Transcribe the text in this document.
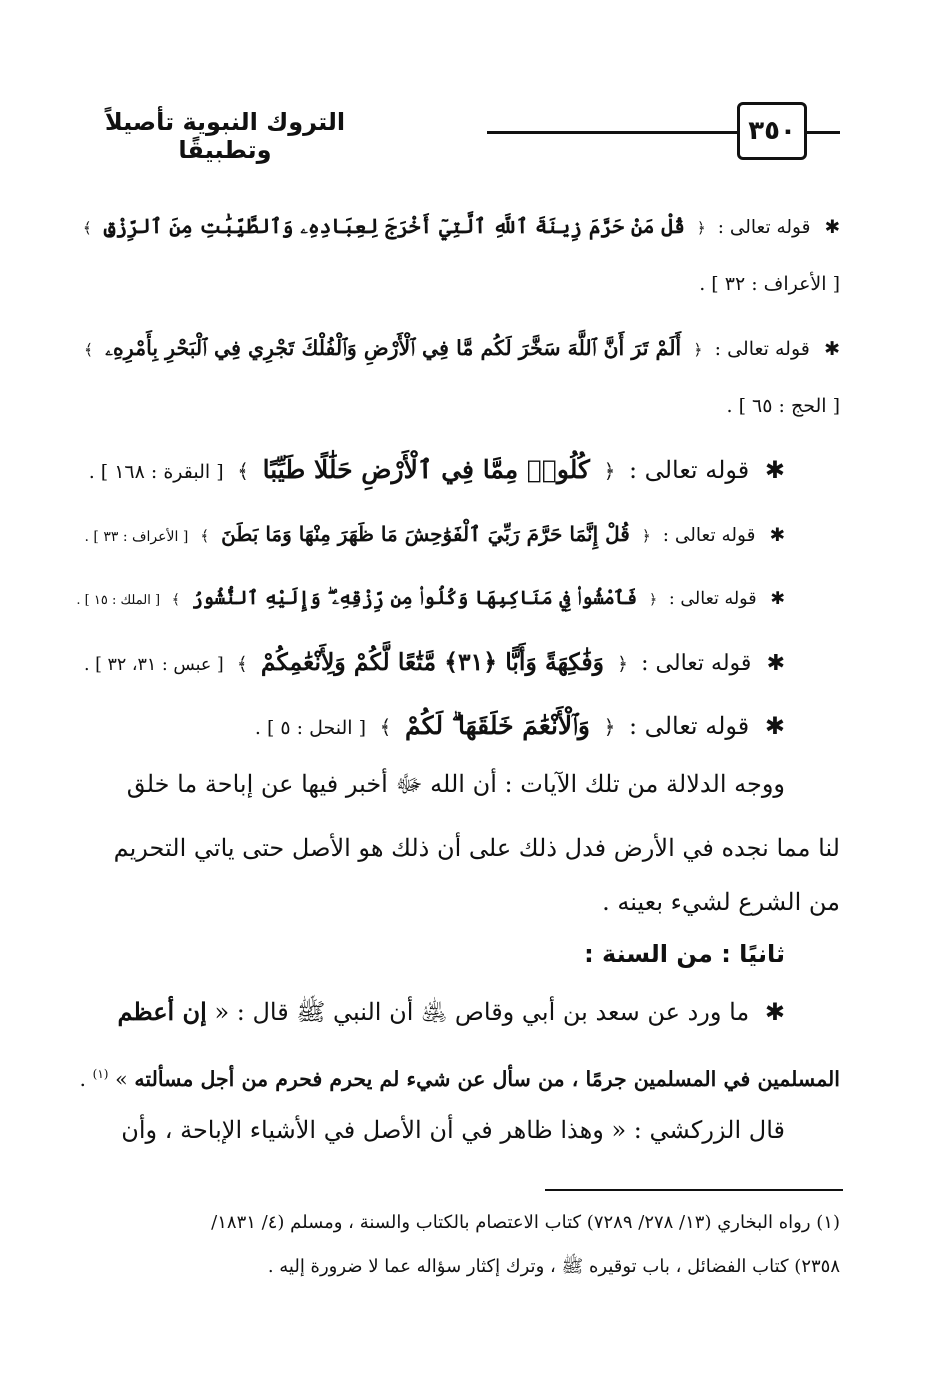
٣٥٠
التروك النبوية تأصيلاً وتطبيقًا
✱ قوله تعالى : ﴿ قُلْ مَنْ حَرَّمَ زِينَةَ ٱللَّهِ ٱلَّتِيٓ أَخْرَجَ لِعِبَادِهِۦ وَٱلطَّيِّبَٰتِ مِنَ ٱلرِّزْقِ ﴾
[ الأعراف : ٣٢ ] .
✱ قوله تعالى : ﴿ أَلَمْ تَرَ أَنَّ ٱللَّهَ سَخَّرَ لَكُم مَّا فِي ٱلْأَرْضِ وَٱلْفُلْكَ تَجْرِي فِي ٱلْبَحْرِ بِأَمْرِهِۦ ﴾
[ الحج : ٦٥ ] .
✱ قوله تعالى : ﴿ كُلُوا۟ مِمَّا فِي ٱلْأَرْضِ حَلَٰلًا طَيِّبًا ﴾ [ البقرة : ١٦٨ ] .
✱ قوله تعالى : ﴿ قُلْ إِنَّمَا حَرَّمَ رَبِّيَ ٱلْفَوَٰحِشَ مَا ظَهَرَ مِنْهَا وَمَا بَطَنَ ﴾ [ الأعراف : ٣٣ ] .
✱ قوله تعالى : ﴿ فَٱمْشُوا۟ فِي مَنَاكِبِهَا وَكُلُوا۟ مِن رِّزْقِهِۦ ۖ وَإِلَيْهِ ٱلنُّشُورُ ﴾ [ الملك : ١٥ ] .
✱ قوله تعالى : ﴿ وَفَٰكِهَةً وَأَبًّا ﴿٣١﴾ مَّتَٰعًا لَّكُمْ وَلِأَنْعَٰمِكُمْ ﴾ [ عبس : ٣١، ٣٢ ] .
✱ قوله تعالى : ﴿ وَٱلْأَنْعَٰمَ خَلَقَهَا ۗ لَكُمْ ﴾ [ النحل : ٥ ] .
ووجه الدلالة من تلك الآيات : أن الله ﷻ أخبر فيها عن إباحة ما خلق
لنا مما نجده في الأرض فدل ذلك على أن ذلك هو الأصل حتى ياتي التحريم
من الشرع لشيء بعينه .
ثانيًا : من السنة :
✱ ما ورد عن سعد بن أبي وقاص ﵁ أن النبي ﷺ قال : « إن أعظم
المسلمين في المسلمين جرمًا ، من سأل عن شيء لم يحرم فحرم من أجل مسألته » $^{(١)}$ .
قال الزركشي : « وهذا ظاهر في أن الأصل في الأشياء الإباحة ، وأن
(١) رواه البخاري (١٣/ ٢٧٨/ ٧٢٨٩) كتاب الاعتصام بالكتاب والسنة ، ومسلم (٤/ ١٨٣١/
٢٣٥٨) كتاب الفضائل ، باب توقيره ﷺ ، وترك إكثار سؤاله عما لا ضرورة إليه .
